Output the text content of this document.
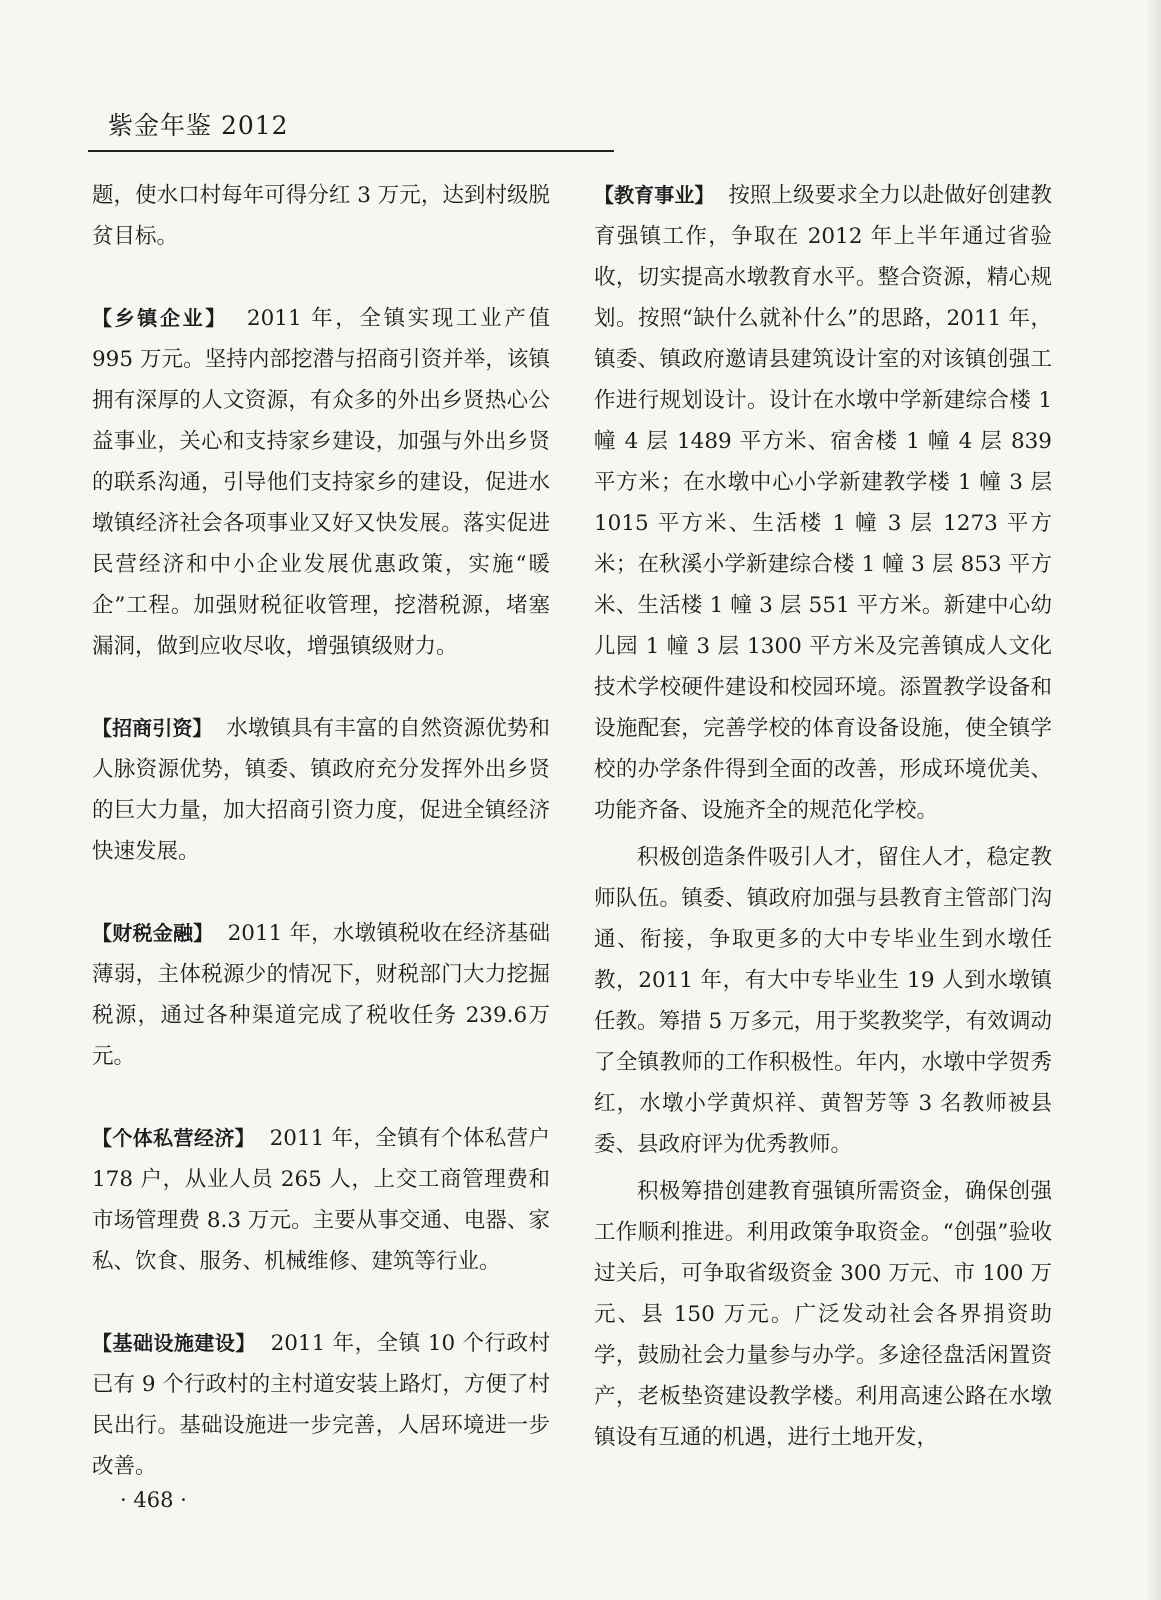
紫金年鉴 2012

题，使水口村每年可得分红 3 万元，达到村级脱贫目标。

【乡镇企业】 2011 年，全镇实现工业产值 995 万元。坚持内部挖潜与招商引资并举，该镇拥有深厚的人文资源，有众多的外出乡贤热心公益事业，关心和支持家乡建设，加强与外出乡贤的联系沟通，引导他们支持家乡的建设，促进水墩镇经济社会各项事业又好又快发展。落实促进民营经济和中小企业发展优惠政策，实施“暖企”工程。加强财税征收管理，挖潜税源，堵塞漏洞，做到应收尽收，增强镇级财力。

【招商引资】 水墩镇具有丰富的自然资源优势和人脉资源优势，镇委、镇政府充分发挥外出乡贤的巨大力量，加大招商引资力度，促进全镇经济快速发展。

【财税金融】 2011 年，水墩镇税收在经济基础薄弱，主体税源少的情况下，财税部门大力挖掘税源，通过各种渠道完成了税收任务 239.6万元。

【个体私营经济】 2011 年，全镇有个体私营户 178 户，从业人员 265 人，上交工商管理费和市场管理费 8.3 万元。主要从事交通、电器、家私、饮食、服务、机械维修、建筑等行业。

【基础设施建设】 2011 年，全镇 10 个行政村已有 9 个行政村的主村道安装上路灯，方便了村民出行。基础设施进一步完善，人居环境进一步改善。

【教育事业】 按照上级要求全力以赴做好创建教育强镇工作，争取在 2012 年上半年通过省验收，切实提高水墩教育水平。整合资源，精心规划。按照“缺什么就补什么”的思路，2011 年，镇委、镇政府邀请县建筑设计室的对该镇创强工作进行规划设计。设计在水墩中学新建综合楼 1 幢 4 层 1489 平方米、宿舍楼 1 幢 4 层 839 平方米；在水墩中心小学新建教学楼 1 幢 3 层 1015 平方米、生活楼 1 幢 3 层 1273 平方米；在秋溪小学新建综合楼 1 幢 3 层 853 平方米、生活楼 1 幢 3 层 551 平方米。新建中心幼儿园 1 幢 3 层 1300 平方米及完善镇成人文化技术学校硬件建设和校园环境。添置教学设备和设施配套，完善学校的体育设备设施，使全镇学校的办学条件得到全面的改善，形成环境优美、功能齐备、设施齐全的规范化学校。

积极创造条件吸引人才，留住人才，稳定教师队伍。镇委、镇政府加强与县教育主管部门沟通、衔接，争取更多的大中专毕业生到水墩任教，2011 年，有大中专毕业生 19 人到水墩镇任教。筹措 5 万多元，用于奖教奖学，有效调动了全镇教师的工作积极性。年内，水墩中学贺秀红，水墩小学黄炽祥、黄智芳等 3 名教师被县委、县政府评为优秀教师。

积极筹措创建教育强镇所需资金，确保创强工作顺利推进。利用政策争取资金。“创强”验收过关后，可争取省级资金 300 万元、市 100 万元、县 150 万元。广泛发动社会各界捐资助学，鼓励社会力量参与办学。多途径盘活闲置资产，老板垫资建设教学楼。利用高速公路在水墩镇设有互通的机遇，进行土地开发，

· 468 ·
